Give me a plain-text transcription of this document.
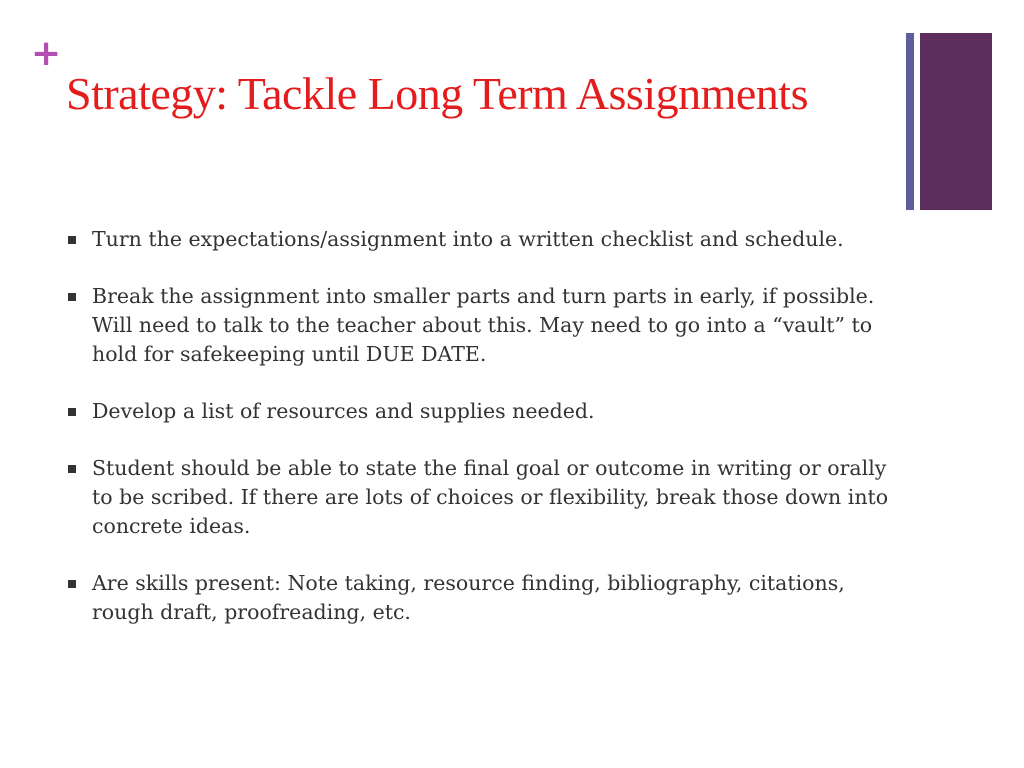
+
Strategy: Tackle Long Term Assignments
Turn the expectations/assignment into a written checklist and schedule.
Break the assignment into smaller parts and turn parts in early, if possible. Will need to talk to the teacher about this. May need to go into a “vault” to hold for safekeeping until DUE DATE.
Develop a list of resources and supplies needed.
Student should be able to state the final goal or outcome in writing or orally to be scribed. If there are lots of choices or flexibility, break those down into concrete ideas.
Are skills present: Note taking, resource finding, bibliography, citations, rough draft, proofreading, etc.
